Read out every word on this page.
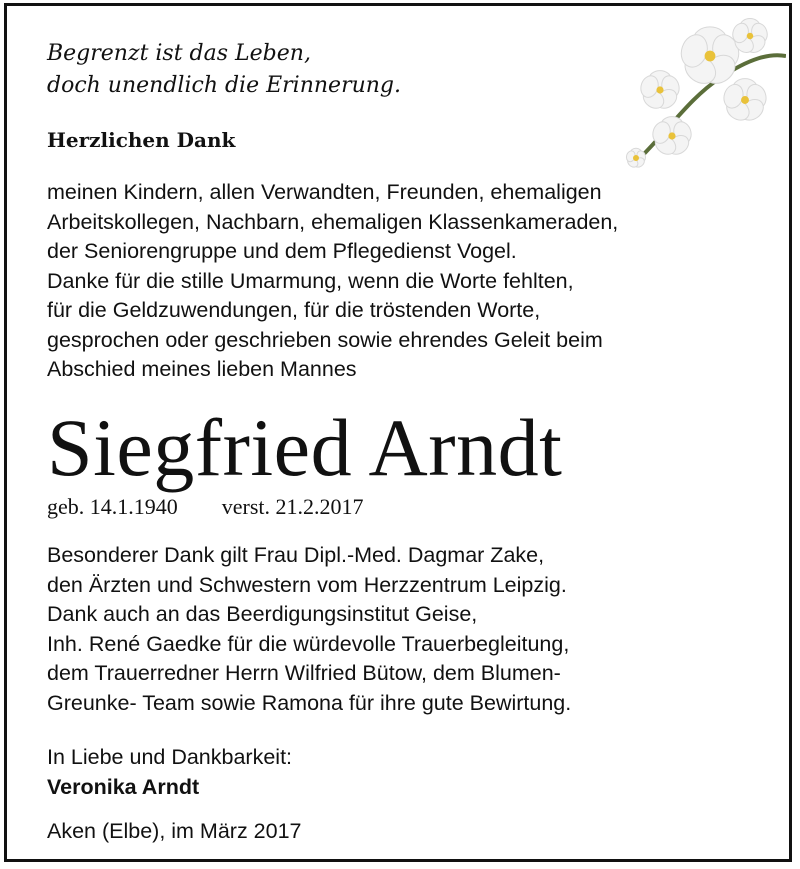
Begrenzt ist das Leben,
doch unendlich die Erinnerung.
Herzlichen Dank
meinen Kindern, allen Verwandten, Freunden, ehemaligen
Arbeitskollegen, Nachbarn, ehemaligen Klassenkameraden,
der Seniorengruppe und dem Pflegedienst Vogel.
Danke für die stille Umarmung, wenn die Worte fehlten,
für die Geldzuwendungen, für die tröstenden Worte,
gesprochen oder geschrieben sowie ehrendes Geleit beim
Abschied meines lieben Mannes
Siegfried Arndt
geb. 14.1.1940 verst. 21.2.2017
Besonderer Dank gilt Frau Dipl.-Med. Dagmar Zake,
den Ärzten und Schwestern vom Herzzentrum Leipzig.
Dank auch an das Beerdigungsinstitut Geise,
Inh. René Gaedke für die würdevolle Trauerbegleitung,
dem Trauerredner Herrn Wilfried Bütow, dem Blumen-
Greunke- Team sowie Ramona für ihre gute Bewirtung.
In Liebe und Dankbarkeit:
Veronika Arndt
Aken (Elbe), im März 2017
